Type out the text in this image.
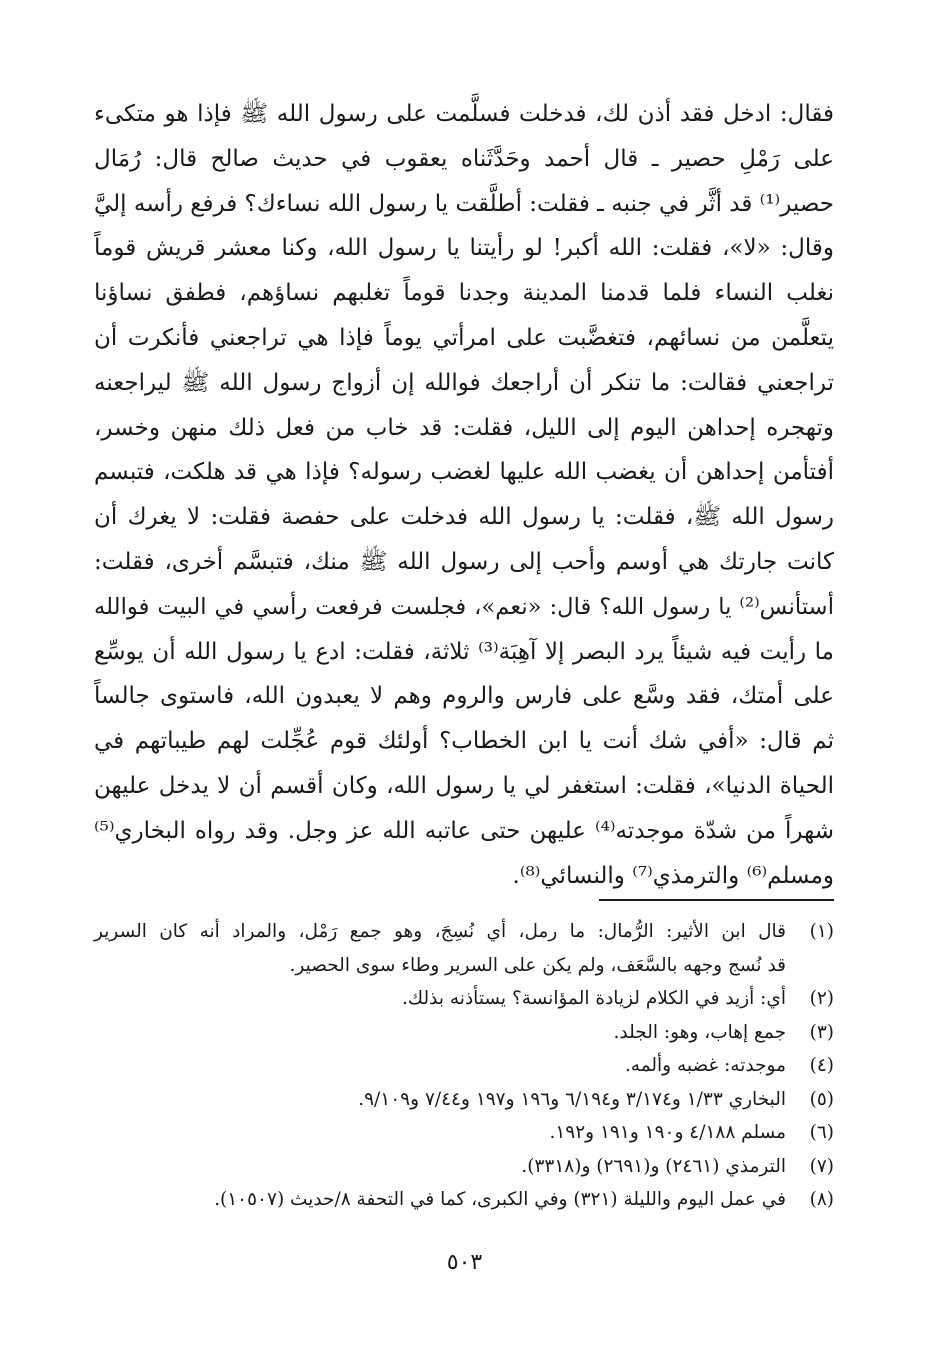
فقال: ادخل فقد أذن لك، فدخلت فسلَّمت على رسول الله ﷺ فإذا هو متكىء
على رَمْلِ حصير ـ قال أحمد وحَدَّثَناه يعقوب في حديث صالح قال: رُمَال
حصير⁽¹⁾ قد أثَّر في جنبه ـ فقلت: أطلَّقت يا رسول الله نساءك؟ فرفع رأسه إليَّ
وقال: «لا»، فقلت: الله أكبر! لو رأيتنا يا رسول الله، وكنا معشر قريش قوماً
نغلب النساء فلما قدمنا المدينة وجدنا قوماً تغلبهم نساؤهم، فطفق نساؤنا
يتعلَّمن من نسائهم، فتغضَّبت على امرأتي يوماً فإذا هي تراجعني فأنكرت أن
تراجعني فقالت: ما تنكر أن أراجعك فوالله إن أزواج رسول الله ﷺ ليراجعنه
وتهجره إحداهن اليوم إلى الليل، فقلت: قد خاب من فعل ذلك منهن وخسر،
أفتأمن إحداهن أن يغضب الله عليها لغضب رسوله؟ فإذا هي قد هلكت، فتبسم
رسول الله ﷺ، فقلت: يا رسول الله فدخلت على حفصة فقلت: لا يغرك أن
كانت جارتك هي أوسم وأحب إلى رسول الله ﷺ منك، فتبسَّم أخرى، فقلت:
أستأنس⁽²⁾ يا رسول الله؟ قال: «نعم»، فجلست فرفعت رأسي في البيت فوالله
ما رأيت فيه شيئاً يرد البصر إلا آهِبَة⁽³⁾ ثلاثة، فقلت: ادع يا رسول الله أن يوسِّع
على أمتك، فقد وسَّع على فارس والروم وهم لا يعبدون الله، فاستوى جالساً
ثم قال: «أفي شك أنت يا ابن الخطاب؟ أولئك قوم عُجِّلت لهم طيباتهم في
الحياة الدنيا»، فقلت: استغفر لي يا رسول الله، وكان أقسم أن لا يدخل عليهن
شهراً من شدّة موجدته⁽⁴⁾ عليهن حتى عاتبه الله عز وجل. وقد رواه البخاري⁽⁵⁾
ومسلم⁽⁶⁾ والترمذي⁽⁷⁾ والنسائي⁽⁸⁾.

(١)
قال ابن الأثير: الرُّمال: ما رمل، أي نُسِجَ، وهو جمع رَمْل، والمراد أنه كان السرير
قد نُسج وجهه بالسَّعَف، ولم يكن على السرير وطاء سوى الحصير.
(٢)
أي: أزيد في الكلام لزيادة المؤانسة؟ يستأذنه بذلك.
(٣)
جمع إهاب، وهو: الجلد.
(٤)
موجدته: غضبه وألمه.
(٥)
البخاري ١/٣٣ و٣/١٧٤ و٦/١٩٤ و١٩٦ و١٩٧ و٧/٤٤ و٩/١٠٩.
(٦)
مسلم ٤/١٨٨ و١٩٠ و١٩١ و١٩٢.
(٧)
الترمذي (٢٤٦١) و(٢٦٩١) و(٣٣١٨).
(٨)
في عمل اليوم والليلة (٣٢١) وفي الكبرى، كما في التحفة ٨/حديث (١٠٥٠٧).
٥٠٣
